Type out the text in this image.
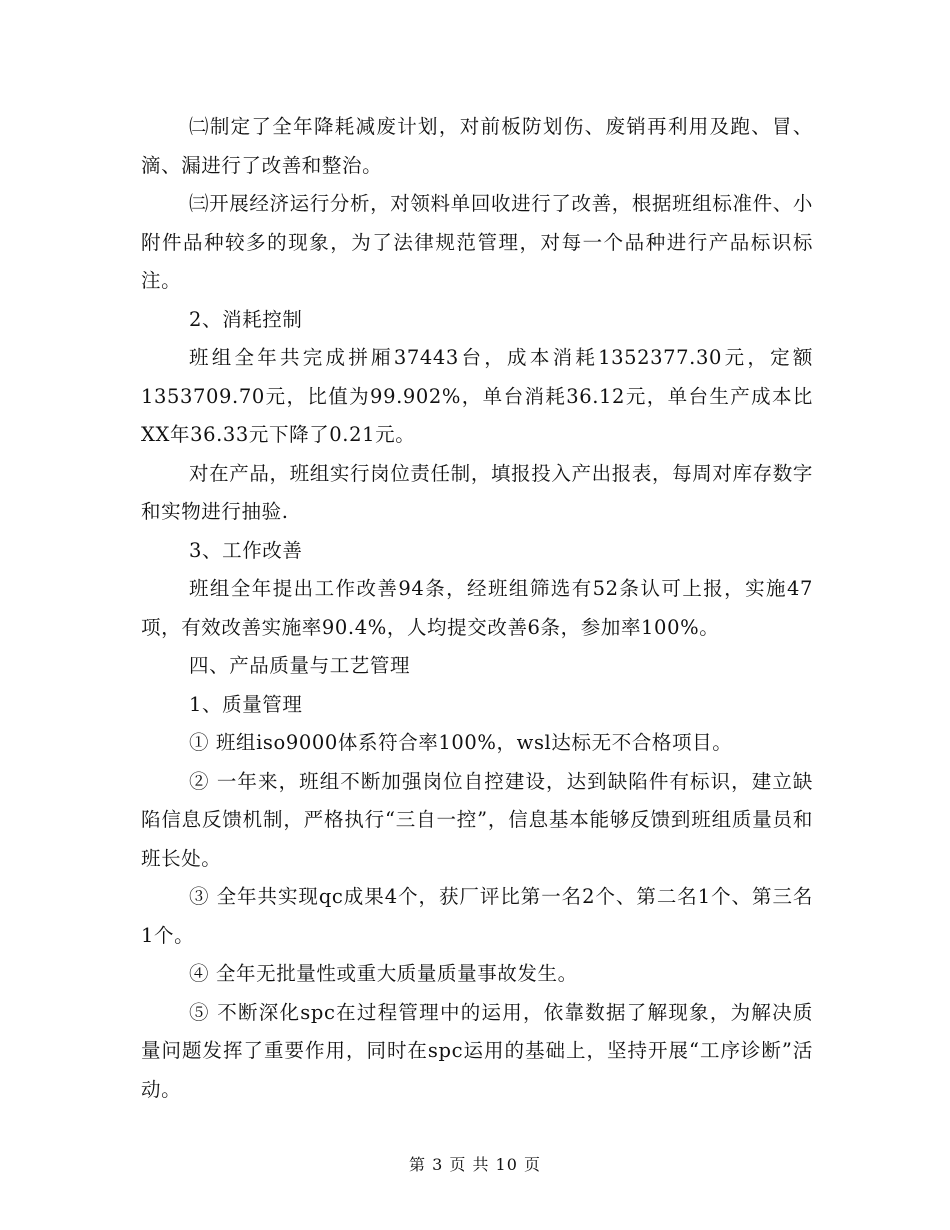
㈡制定了全年降耗减废计划，对前板防划伤、废销再利用及跑、冒、滴、漏进行了改善和整治。

㈢开展经济运行分析，对领料单回收进行了改善，根据班组标准件、小附件品种较多的现象，为了法律规范管理，对每一个品种进行产品标识标注。

2、消耗控制

班组全年共完成拼厢37443台，成本消耗1352377.30元，定额1353709.70元，比值为99.902%，单台消耗36.12元，单台生产成本比XX年36.33元下降了0.21元。

对在产品，班组实行岗位责任制，填报投入产出报表，每周对库存数字和实物进行抽验.

3、工作改善

班组全年提出工作改善94条，经班组筛选有52条认可上报，实施47项，有效改善实施率90.4%，人均提交改善6条，参加率100%。

四、产品质量与工艺管理

1、质量管理

① 班组iso9000体系符合率100%，wsl达标无不合格项目。

② 一年来，班组不断加强岗位自控建设，达到缺陷件有标识，建立缺陷信息反馈机制，严格执行“三自一控”，信息基本能够反馈到班组质量员和班长处。

③ 全年共实现qc成果4个，获厂评比第一名2个、第二名1个、第三名1个。

④ 全年无批量性或重大质量质量事故发生。

⑤ 不断深化spc在过程管理中的运用，依靠数据了解现象，为解决质量问题发挥了重要作用，同时在spc运用的基础上，坚持开展“工序诊断”活动。

第 3 页 共 10 页
